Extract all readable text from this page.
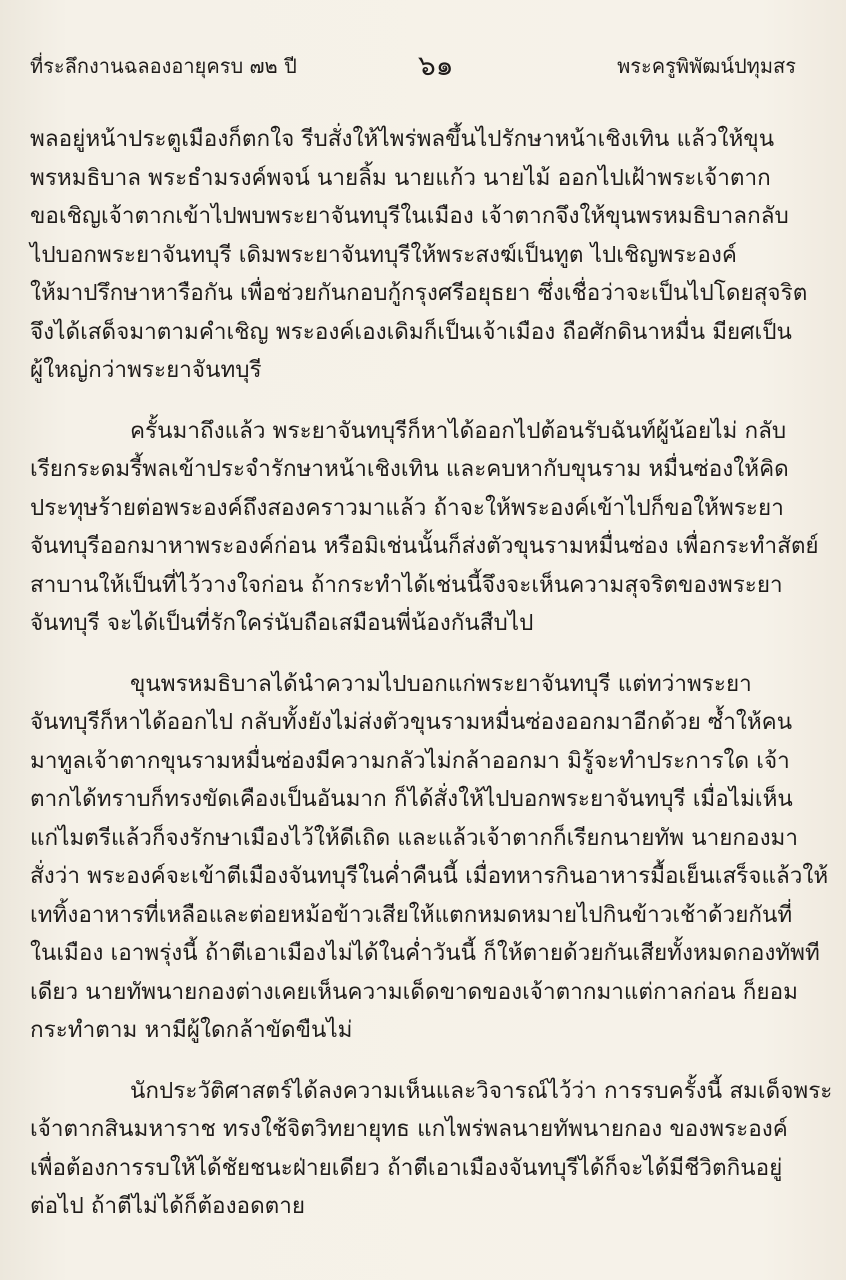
ที่ระลึกงานฉลองอายุครบ ๗๒ ปี	๖๑	พระครูพิพัฒน์ปทุมสร

พลอยู่หน้าประตูเมืองก็ตกใจ รีบสั่งให้ไพร่พลขึ้นไปรักษาหน้าเชิงเทิน แล้วให้ขุน
พรหมธิบาล พระธำมรงค์พจน์ นายลิ้ม นายแก้ว นายไม้ ออกไปเฝ้าพระเจ้าตาก
ขอเชิญเจ้าตากเข้าไปพบพระยาจันทบุรีในเมือง เจ้าตากจึงให้ขุนพรหมธิบาลกลับ
ไปบอกพระยาจันทบุรี เดิมพระยาจันทบุรีให้พระสงฆ์เป็นทูต ไปเชิญพระองค์
ให้มาปรึกษาหารือกัน เพื่อช่วยกันกอบกู้กรุงศรีอยุธยา ซึ่งเชื่อว่าจะเป็นไปโดยสุจริต
จึงได้เสด็จมาตามคำเชิญ พระองค์เองเดิมก็เป็นเจ้าเมือง ถือศักดินาหมื่น มียศเป็น
ผู้ใหญ่กว่าพระยาจันทบุรี

ครั้นมาถึงแล้ว พระยาจันทบุรีก็หาได้ออกไปต้อนรับฉันท์ผู้น้อยไม่ กลับ
เรียกระดมรี้พลเข้าประจำรักษาหน้าเชิงเทิน และคบหากับขุนราม หมื่นซ่องให้คิด
ประทุษร้ายต่อพระองค์ถึงสองคราวมาแล้ว ถ้าจะให้พระองค์เข้าไปก็ขอให้พระยา
จันทบุรีออกมาหาพระองค์ก่อน หรือมิเช่นนั้นก็ส่งตัวขุนรามหมื่นซ่อง เพื่อกระทำสัตย์
สาบานให้เป็นที่ไว้วางใจก่อน ถ้ากระทำได้เช่นนี้จึงจะเห็นความสุจริตของพระยา
จันทบุรี จะได้เป็นที่รักใคร่นับถือเสมือนพี่น้องกันสืบไป

ขุนพรหมธิบาลได้นำความไปบอกแก่พระยาจันทบุรี แต่ทว่าพระยา
จันทบุรีก็หาได้ออกไป กลับทั้งยังไม่ส่งตัวขุนรามหมื่นซ่องออกมาอีกด้วย ซ้ำให้คน
มาทูลเจ้าตากขุนรามหมื่นซ่องมีความกลัวไม่กล้าออกมา มิรู้จะทำประการใด เจ้า
ตากได้ทราบก็ทรงขัดเคืองเป็นอันมาก ก็ได้สั่งให้ไปบอกพระยาจันทบุรี เมื่อไม่เห็น
แก่ไมตรีแล้วก็จงรักษาเมืองไว้ให้ดีเถิด และแล้วเจ้าตากก็เรียกนายทัพ นายกองมา
สั่งว่า พระองค์จะเข้าตีเมืองจันทบุรีในค่ำคืนนี้ เมื่อทหารกินอาหารมื้อเย็นเสร็จแล้วให้
เททิ้งอาหารที่เหลือและต่อยหม้อข้าวเสียให้แตกหมดหมายไปกินข้าวเช้าด้วยกันที่
ในเมือง เอาพรุ่งนี้ ถ้าตีเอาเมืองไม่ได้ในค่ำวันนี้ ก็ให้ตายด้วยกันเสียทั้งหมดกองทัพที
เดียว นายทัพนายกองต่างเคยเห็นความเด็ดขาดของเจ้าตากมาแต่กาลก่อน ก็ยอม
กระทำตาม หามีผู้ใดกล้าขัดขืนไม่

นักประวัติศาสตร์ได้ลงความเห็นและวิจารณ์ไว้ว่า การรบครั้งนี้ สมเด็จพระ
เจ้าตากสินมหาราช ทรงใช้จิตวิทยายุทธ แกไพร่พลนายทัพนายกอง ของพระองค์
เพื่อต้องการรบให้ได้ชัยชนะฝ่ายเดียว ถ้าตีเอาเมืองจันทบุรีได้ก็จะได้มีชีวิตกินอยู่
ต่อไป ถ้าตีไม่ได้ก็ต้องอดตาย
